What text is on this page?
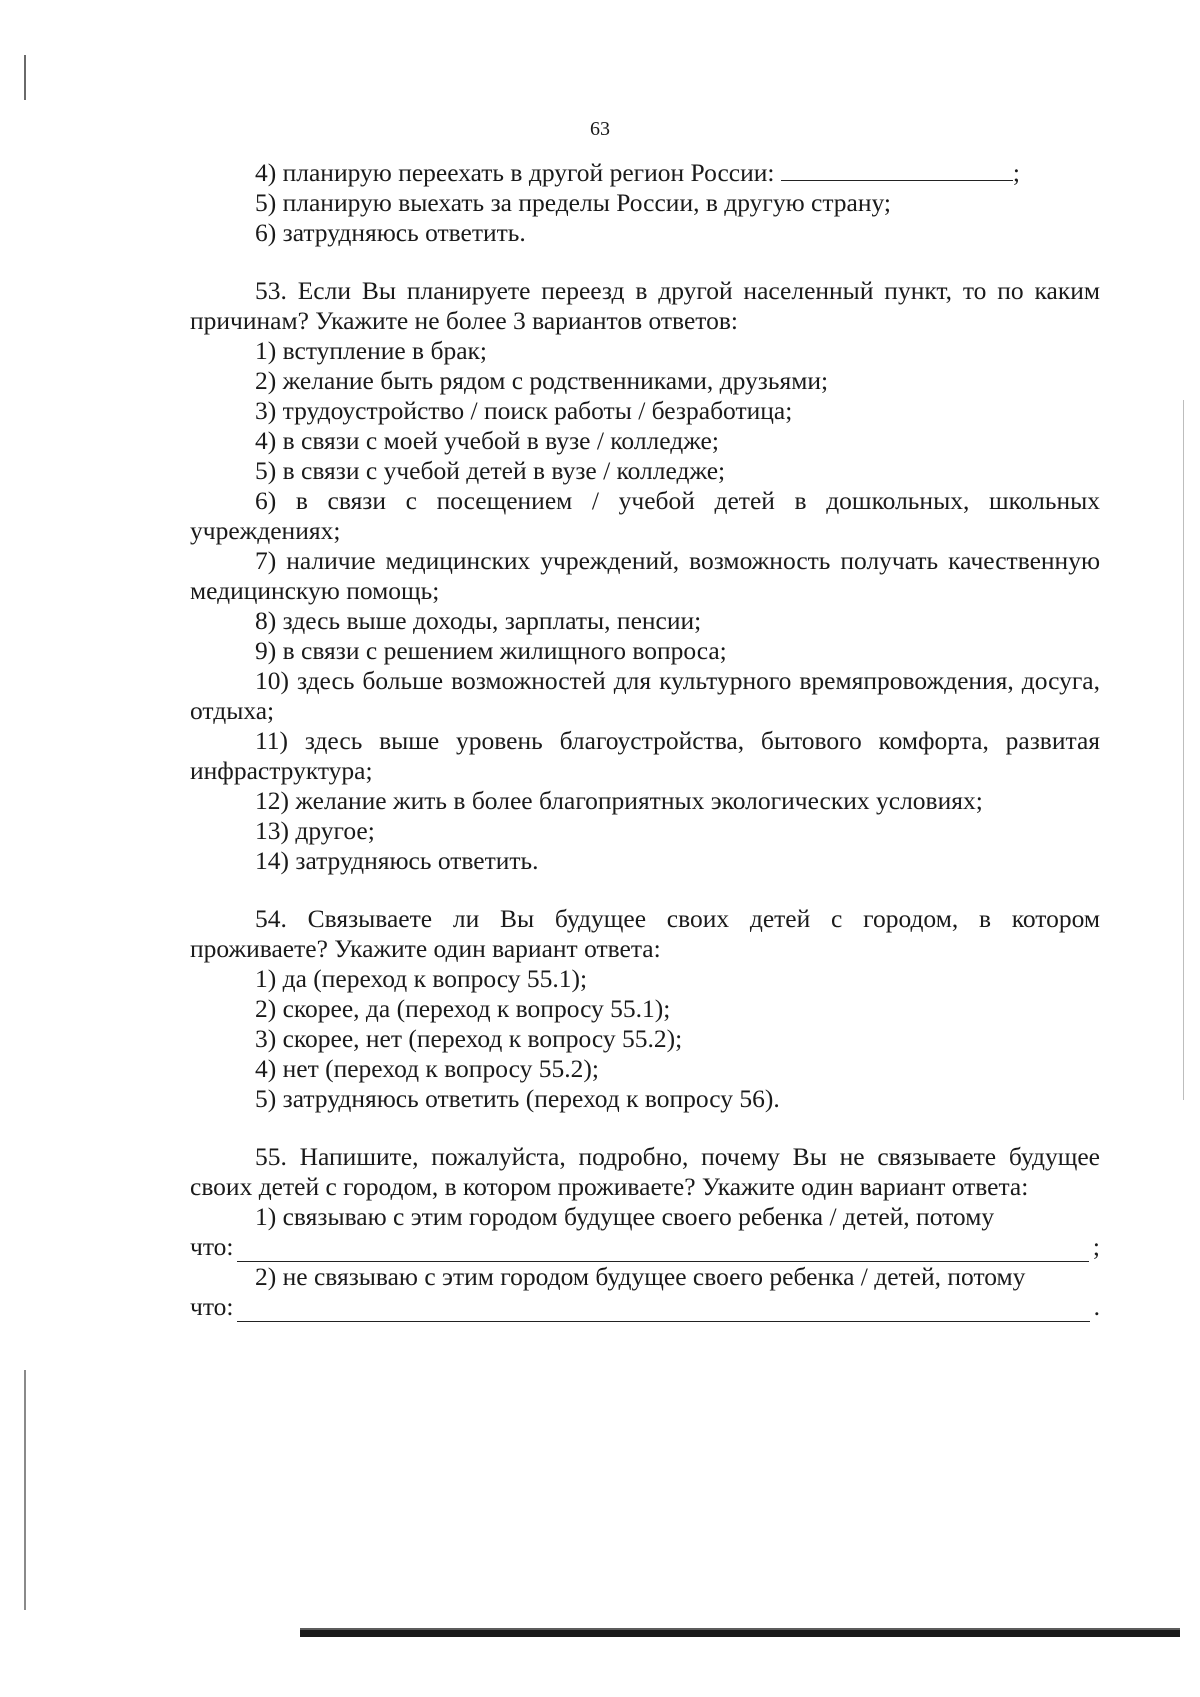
63

4) планирую переехать в другой регион России:	;

5) планирую выехать за пределы России, в другую страну;

6) затрудняюсь ответить.

53. Если Вы планируете переезд в другой населенный пункт, то по каким причинам? Укажите не более 3 вариантов ответов:

1) вступление в брак;

2) желание быть рядом с родственниками, друзьями;

3) трудоустройство / поиск работы / безработица;

4) в связи с моей учебой в вузе / колледже;

5) в связи с учебой детей в вузе / колледже;

6) в связи с посещением / учебой детей в дошкольных, школьных учреждениях;

7) наличие медицинских учреждений, возможность получать качественную медицинскую помощь;

8) здесь выше доходы, зарплаты, пенсии;

9) в связи с решением жилищного вопроса;

10) здесь больше возможностей для культурного времяпровождения, досуга, отдыха;

11) здесь выше уровень благоустройства, бытового комфорта, развитая инфраструктура;

12) желание жить в более благоприятных экологических условиях;

13) другое;

14) затрудняюсь ответить.

54. Связываете ли Вы будущее своих детей с городом, в котором проживаете? Укажите один вариант ответа:

1) да (переход к вопросу 55.1);

2) скорее, да (переход к вопросу 55.1);

3) скорее, нет (переход к вопросу 55.2);

4) нет (переход к вопросу 55.2);

5) затрудняюсь ответить (переход к вопросу 56).

55. Напишите, пожалуйста, подробно, почему Вы не связываете будущее своих детей с городом, в котором проживаете? Укажите один вариант ответа:

1) связываю с этим городом будущее своего ребенка / детей, потому

что:	;

2) не связываю с этим городом будущее своего ребенка / детей, потому

что:	.
